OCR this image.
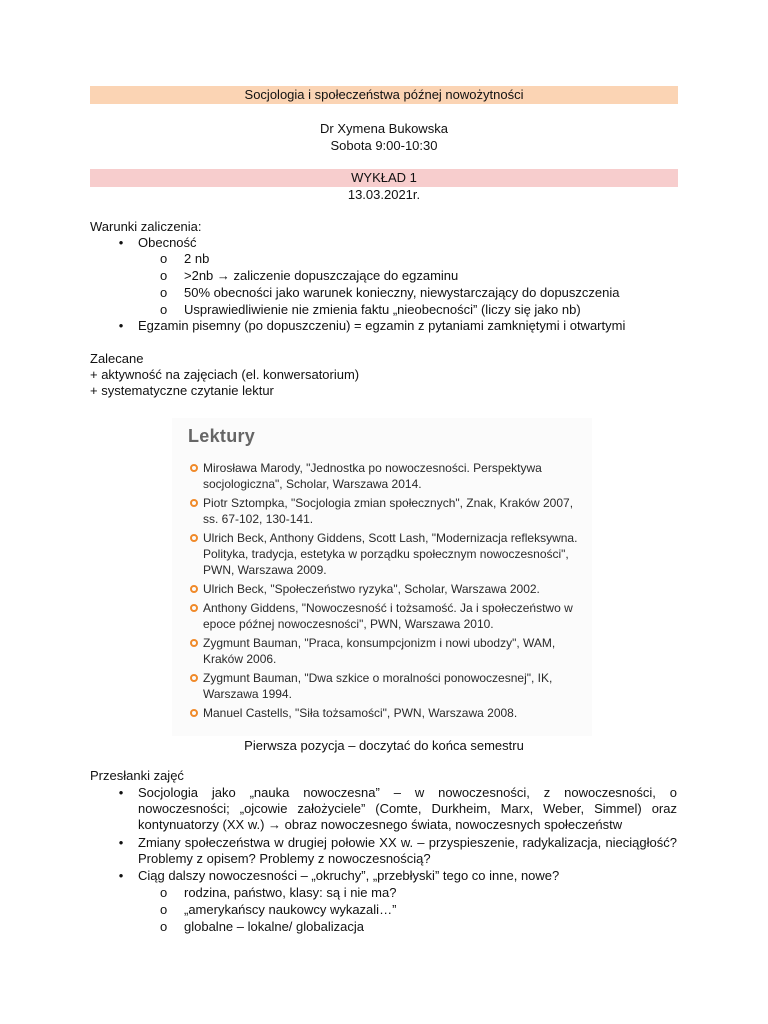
Socjologia i społeczeństwa późnej nowożytności
Dr Xymena Bukowska
Sobota 9:00-10:30
WYKŁAD 1
13.03.2021r.
Warunki zaliczenia:
• Obecność
o 2 nb
o >2nb → zaliczenie dopuszczające do egzaminu
o 50% obecności jako warunek konieczny, niewystarczający do dopuszczenia
o Usprawiedliwienie nie zmienia faktu „nieobecności” (liczy się jako nb)
• Egzamin pisemny (po dopuszczeniu) = egzamin z pytaniami zamkniętymi i otwartymi
Zalecane
+ aktywność na zajęciach (el. konwersatorium)
+ systematyczne czytanie lektur
Lektury
Mirosława Marody, "Jednostka po nowoczesności. Perspektywa socjologiczna", Scholar, Warszawa 2014.
Piotr Sztompka, "Socjologia zmian społecznych", Znak, Kraków 2007, ss. 67-102, 130-141.
Ulrich Beck, Anthony Giddens, Scott Lash, "Modernizacja refleksywna. Polityka, tradycja, estetyka w porządku społecznym nowoczesności", PWN, Warszawa 2009.
Ulrich Beck, "Społeczeństwo ryzyka", Scholar, Warszawa 2002.
Anthony Giddens, "Nowoczesność i tożsamość. Ja i społeczeństwo w epoce późnej nowoczesności", PWN, Warszawa 2010.
Zygmunt Bauman, "Praca, konsumpcjonizm i nowi ubodzy", WAM, Kraków 2006.
Zygmunt Bauman, "Dwa szkice o moralności ponowoczesnej", IK, Warszawa 1994.
Manuel Castells, "Siła tożsamości", PWN, Warszawa 2008.
Pierwsza pozycja – doczytać do końca semestru
Przesłanki zajęć
• Socjologia jako „nauka nowoczesna” – w nowoczesności, z nowoczesności, o nowoczesności; „ojcowie założyciele” (Comte, Durkheim, Marx, Weber, Simmel) oraz kontynuatorzy (XX w.) → obraz nowoczesnego świata, nowoczesnych społeczeństw
• Zmiany społeczeństwa w drugiej połowie XX w. – przyspieszenie, radykalizacja, nieciągłość? Problemy z opisem? Problemy z nowoczesnością?
• Ciąg dalszy nowoczesności – „okruchy”, „przebłyski” tego co inne, nowe?
o rodzina, państwo, klasy: są i nie ma?
o „amerykańscy naukowcy wykazali…”
o globalne – lokalne/ globalizacja
